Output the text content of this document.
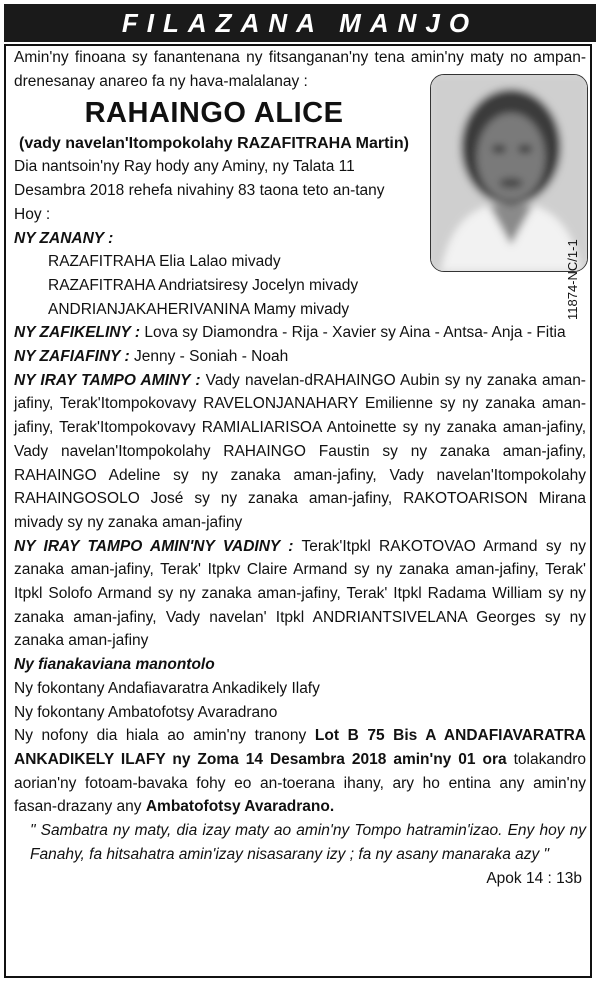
FILAZANA MANJO
11874-NC/1-1

Amin'ny finoana sy fanantenana ny fitsanganan'ny tena amin'ny maty no ampan-drenesanay anareo fa ny hava-malalanay :

RAHAINGO ALICE

(vady navelan'Itompokolahy RAZAFITRAHA Martin)

Dia nantsoin'ny Ray hody any Aminy, ny Talata 11 Desambra 2018 rehefa nivahiny 83 taona teto an-tany Hoy :

NY ZANANY :

RAZAFITRAHA Elia Lalao mivady

RAZAFITRAHA Andriatsiresy Jocelyn mivady

ANDRIANJAKAHERIVANINA Mamy mivady

NY ZAFIKELINY : Lova sy Diamondra - Rija - Xavier sy Aina - Antsa- Anja - Fitia

NY ZAFIAFINY : Jenny - Soniah - Noah

NY IRAY TAMPO AMINY : Vady navelan-dRAHAINGO Aubin sy ny zanaka aman-jafiny, Terak'Itompokovavy RAVELONJANAHARY Emilienne sy ny zanaka aman-jafiny, Terak'Itompokovavy RAMIALIARISOA Antoinette sy ny zanaka aman-jafiny, Vady navelan'Itompokolahy RAHAINGO Faustin sy ny zanaka aman-jafiny, RAHAINGO Adeline sy ny zanaka aman-jafiny, Vady navelan'Itompokolahy RAHAINGOSOLO José sy ny zanaka aman-jafiny, RAKOTOARISON Mirana mivady sy ny zanaka aman-jafiny

NY IRAY TAMPO AMIN'NY VADINY : Terak'Itpkl RAKOTOVAO Armand sy ny zanaka aman-jafiny, Terak' Itpkv Claire Armand sy ny zanaka aman-jafiny, Terak' Itpkl Solofo Armand sy ny zanaka aman-jafiny, Terak' Itpkl Radama William sy ny zanaka aman-jafiny, Vady navelan' Itpkl ANDRIANTSIVELANA Georges sy ny zanaka aman-jafiny

Ny fianakaviana manontolo

Ny fokontany Andafiavaratra Ankadikely Ilafy

Ny fokontany Ambatofotsy Avaradrano

Ny nofony dia hiala ao amin'ny tranony Lot B 75 Bis A ANDAFIAVARATRA ANKADIKELY ILAFY ny Zoma 14 Desambra 2018 amin'ny 01 ora tolakandro aorian'ny fotoam-bavaka fohy eo an-toerana ihany, ary ho entina any amin'ny fasan-drazany any Ambatofotsy Avaradrano.

" Sambatra ny maty, dia izay maty ao amin'ny Tompo hatramin'izao. Eny hoy ny Fanahy, fa hitsahatra amin'izay nisasarany izy ; fa ny asany manaraka azy "

Apok 14 : 13b
